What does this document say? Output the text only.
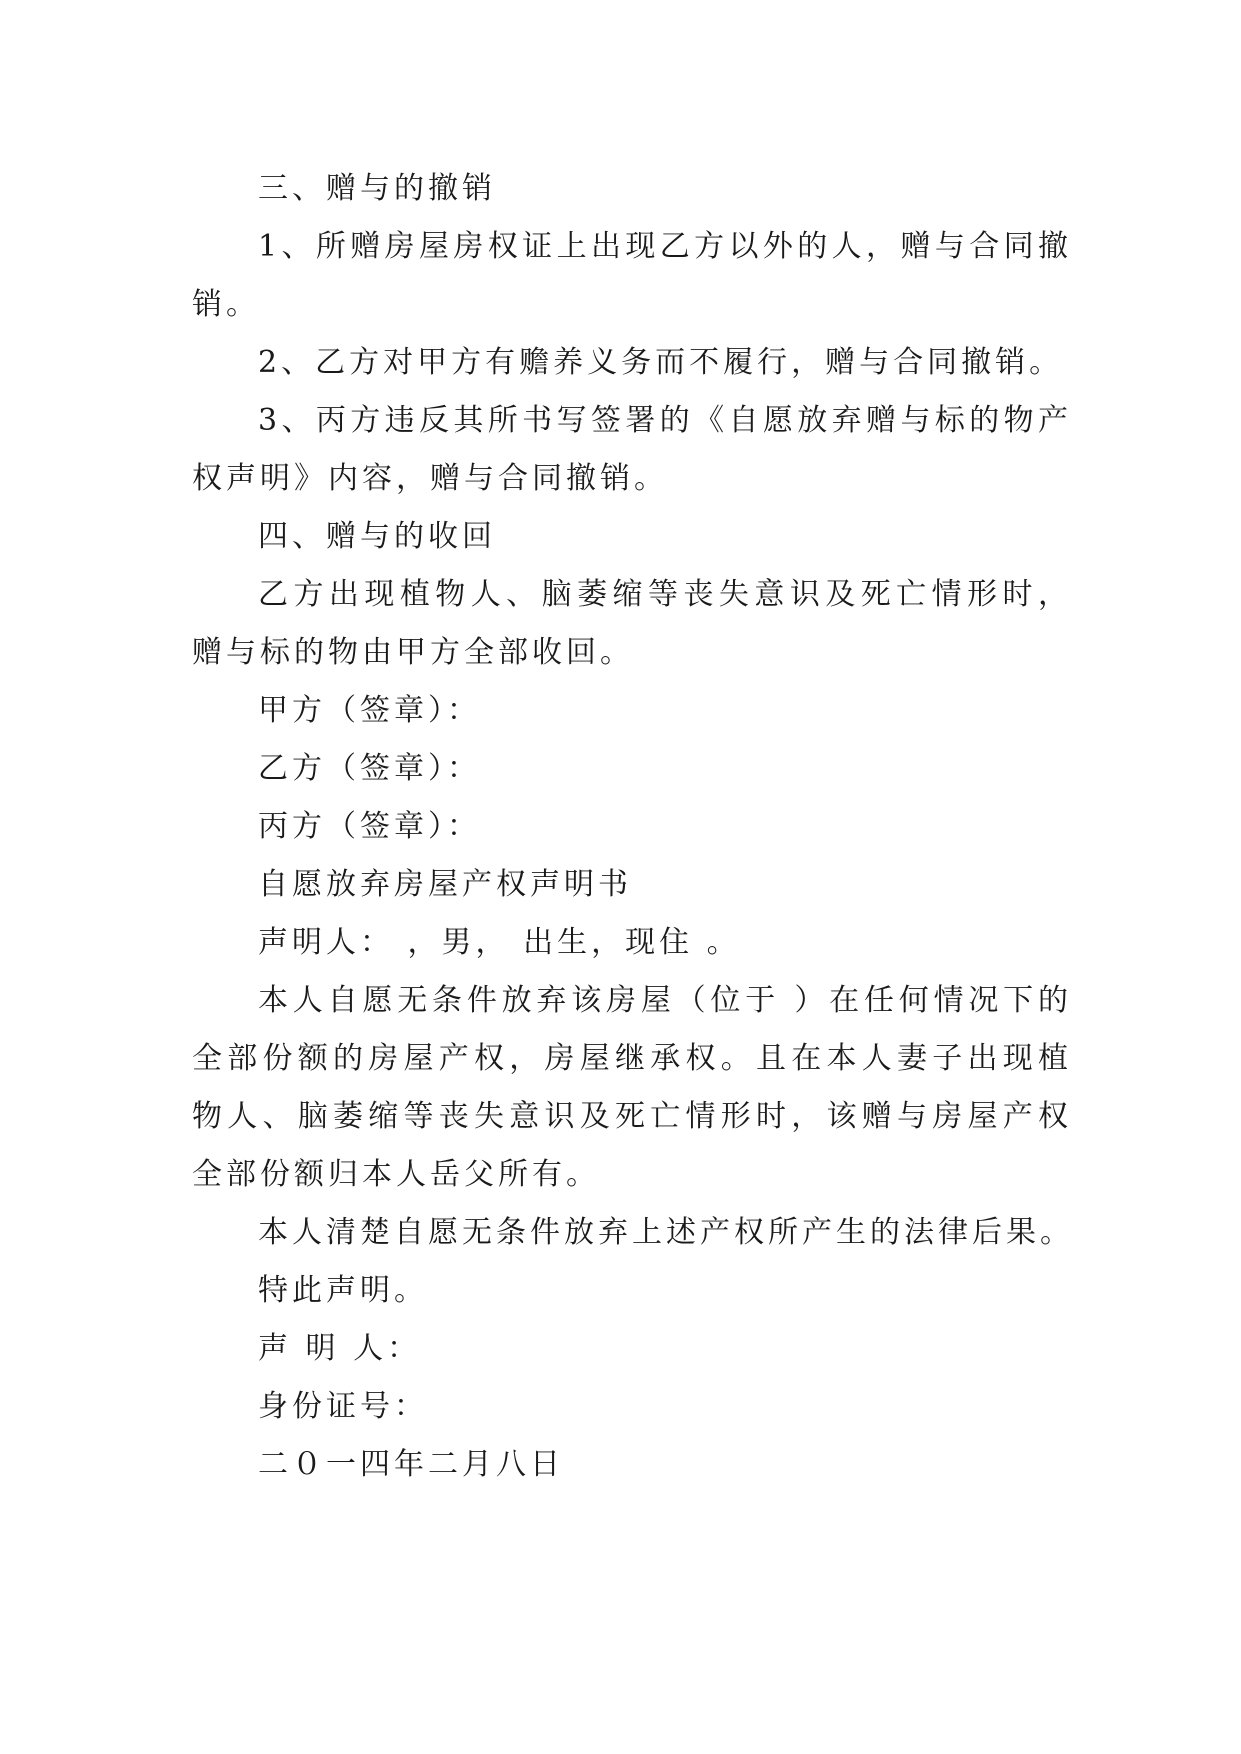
三、赠与的撤销
1、所赠房屋房权证上出现乙方以外的人，赠与合同撤销。
2、乙方对甲方有赡养义务而不履行，赠与合同撤销。
3、丙方违反其所书写签署的《自愿放弃赠与标的物产权声明》内容，赠与合同撤销。
四、赠与的收回
乙方出现植物人、脑萎缩等丧失意识及死亡情形时，赠与标的物由甲方全部收回。
甲方（签章）：
乙方（签章）：
丙方（签章）：
自愿放弃房屋产权声明书
声明人： ，男， 出生，现住 。
本人自愿无条件放弃该房屋（位于 ）在任何情况下的全部份额的房屋产权，房屋继承权。且在本人妻子出现植物人、脑萎缩等丧失意识及死亡情形时，该赠与房屋产权全部份额归本人岳父所有。
本人清楚自愿无条件放弃上述产权所产生的法律后果。
特此声明。
声 明 人：
身份证号：
二０一四年二月八日
